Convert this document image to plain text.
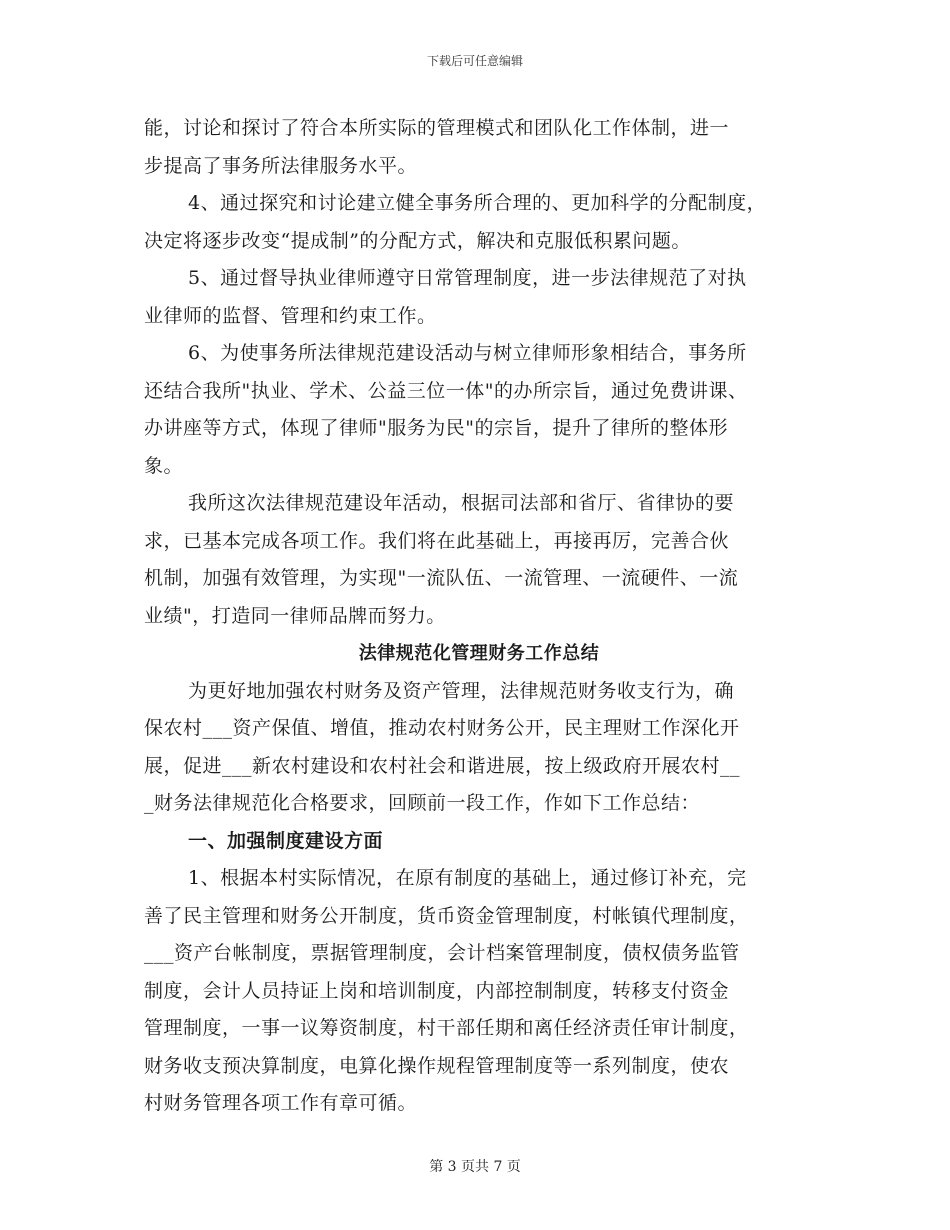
下载后可任意编辑
能，讨论和探讨了符合本所实际的管理模式和团队化工作体制，进一
步提高了事务所法律服务水平。
4、通过探究和讨论建立健全事务所合理的、更加科学的分配制度，
决定将逐步改变“提成制”的分配方式，解决和克服低积累问题。
5、通过督导执业律师遵守日常管理制度，进一步法律规范了对执
业律师的监督、管理和约束工作。
6、为使事务所法律规范建设活动与树立律师形象相结合，事务所
还结合我所"执业、学术、公益三位一体"的办所宗旨，通过免费讲课、
办讲座等方式，体现了律师"服务为民"的宗旨，提升了律所的整体形
象。
我所这次法律规范建设年活动，根据司法部和省厅、省律协的要
求，已基本完成各项工作。我们将在此基础上，再接再厉，完善合伙
机制，加强有效管理，为实现"一流队伍、一流管理、一流硬件、一流
业绩"，打造同一律师品牌而努力。
法律规范化管理财务工作总结
为更好地加强农村财务及资产管理，法律规范财务收支行为，确
保农村___资产保值、增值，推动农村财务公开，民主理财工作深化开
展，促进___新农村建设和农村社会和谐进展，按上级政府开展农村__
_财务法律规范化合格要求，回顾前一段工作，作如下工作总结：
一、加强制度建设方面
1、根据本村实际情况，在原有制度的基础上，通过修订补充，完
善了民主管理和财务公开制度，货币资金管理制度，村帐镇代理制度，
___资产台帐制度，票据管理制度，会计档案管理制度，债权债务监管
制度，会计人员持证上岗和培训制度，内部控制制度，转移支付资金
管理制度，一事一议筹资制度，村干部任期和离任经济责任审计制度，
财务收支预决算制度，电算化操作规程管理制度等一系列制度，使农
村财务管理各项工作有章可循。
第 3 页共 7 页
